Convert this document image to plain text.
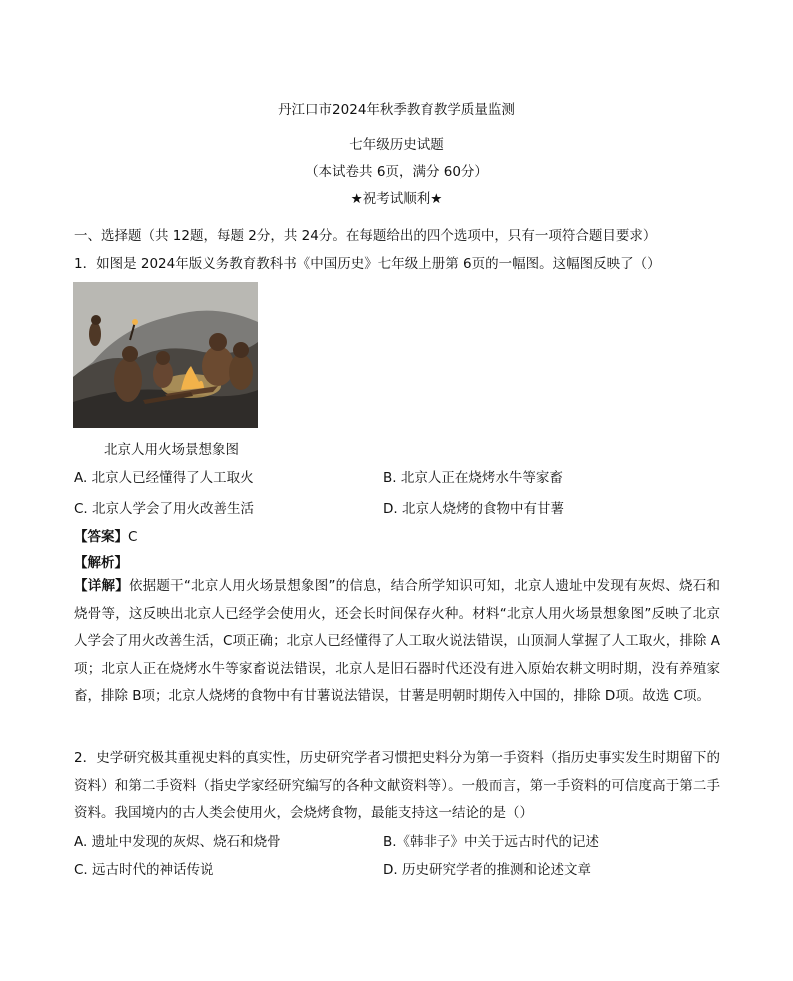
丹江口市2024年秋季教育教学质量监测
七年级历史试题
（本试卷共 6页，满分 60分）
★祝考试顺利★
一、选择题（共 12题，每题 2分，共 24分。在每题给出的四个选项中，只有一项符合题目要求）
1．如图是 2024年版义务教育教科书《中国历史》七年级上册第 6页的一幅图。这幅图反映了（）
北京人用火场景想象图
A. 北京人已经懂得了人工取火	B. 北京人正在烧烤水牛等家畜
C. 北京人学会了用火改善生活	D. 北京人烧烤的食物中有甘薯
【答案】C
【解析】
【详解】依据题干“北京人用火场景想象图”的信息，结合所学知识可知，北京人遗址中发现有灰烬、烧石和烧骨等，这反映出北京人已经学会使用火，还会长时间保存火种。材料“北京人用火场景想象图”反映了北京人学会了用火改善生活，C项正确；北京人已经懂得了人工取火说法错误，山顶洞人掌握了人工取火，排除 A项；北京人正在烧烤水牛等家畜说法错误，北京人是旧石器时代还没有进入原始农耕文明时期，没有养殖家畜，排除 B项；北京人烧烤的食物中有甘薯说法错误，甘薯是明朝时期传入中国的，排除 D项。故选 C项。
2．史学研究极其重视史料的真实性，历史研究学者习惯把史料分为第一手资料（指历史事实发生时期留下的资料）和第二手资料（指史学家经研究编写的各种文献资料等）。一般而言，第一手资料的可信度高于第二手资料。我国境内的古人类会使用火，会烧烤食物，最能支持这一结论的是（）
A. 遗址中发现的灰烬、烧石和烧骨	B.《韩非子》中关于远古时代的记述
C. 远古时代的神话传说	D. 历史研究学者的推测和论述文章
